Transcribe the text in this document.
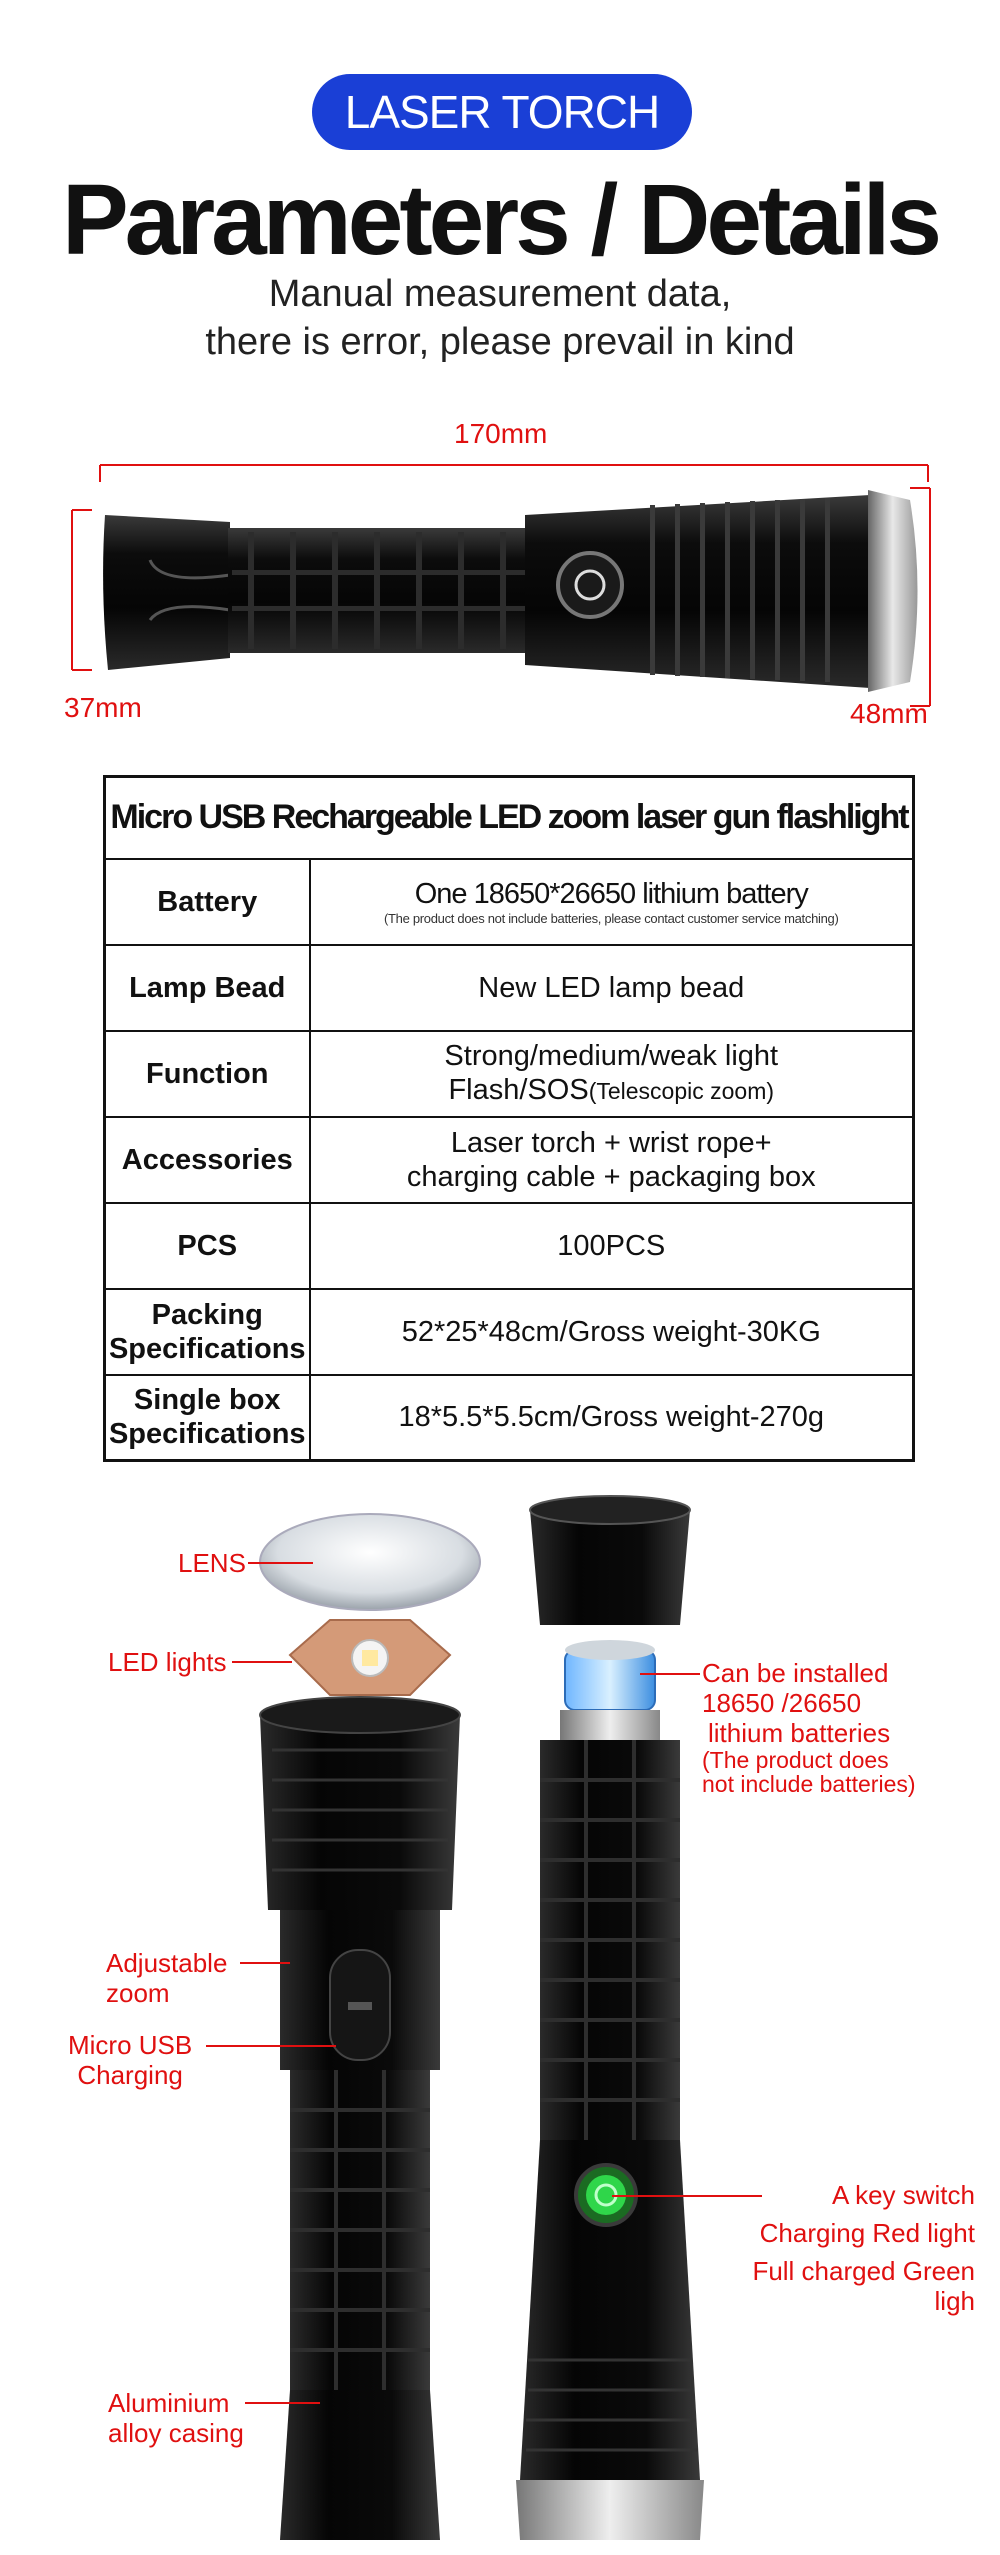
LASER TORCH
Parameters / Details
Manual measurement data,
there is error, please prevail in kind
170mm
37mm	48mm
Micro USB Rechargeable LED zoom laser gun flashlight	
Battery	One 18650*26650 lithium battery
(The product does not include batteries, please contact customer service matching)

Lamp Bead	New LED lamp bead
Function	Strong/medium/weak light
Flash/SOS(Telescopic zoom)

Accessories	Laser torch + wrist rope+
charging cable + packaging box

PCS	100PCS

Packing
Specifications	52*25*48cm/Gross weight-30KG

Single box
Specifications	18*5.5*5.5cm/Gross weight-270g
LENS
LED lights
Adjustable
zoom
Micro USB
Charging
Aluminium
alloy casing
Can be installed
18650 /26650
lithium batteries
(The product does
not include batteries)
A key switch
Charging Red light
Full charged Green ligh
